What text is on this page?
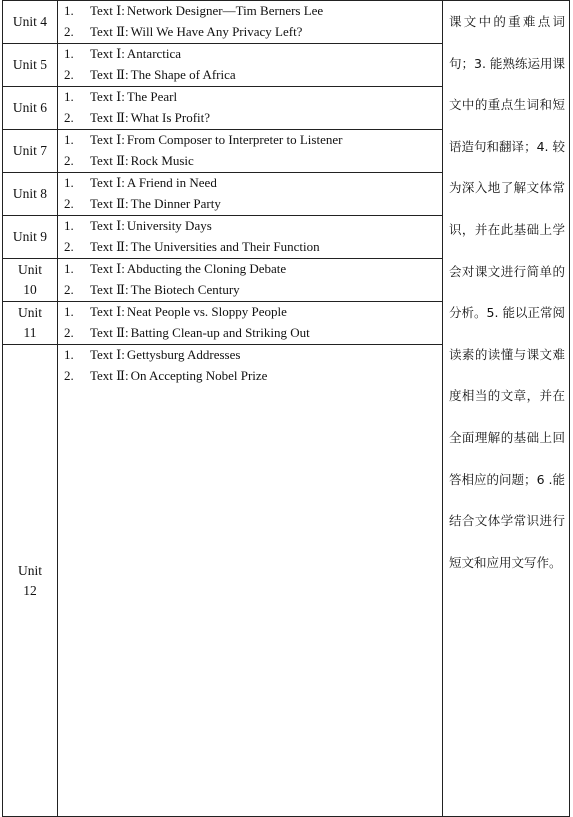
Unit 4	1. Text Ⅰ: Network Designer—Tim Berners Lee
2. Text Ⅱ: Will We Have Any Privacy Left?	课文中的重难点词句；3. 能熟练运用课文中的重点生词和短语造句和翻译；4. 较为深入地了解文体常识，并在此基础上学会对课文进行简单的分析。5. 能以正常阅读素的读懂与课文难度相当的文章，并在全面理解的基础上回答相应的问题；6 .能结合文体学常识进行短文和应用文写作。
Unit 5	1. Text Ⅰ: Antarctica
2. Text Ⅱ: The Shape of Africa	

Unit 6	1. Text Ⅰ: The Pearl
2. Text Ⅱ: What Is Profit?	

Unit 7	1. Text Ⅰ: From Composer to Interpreter to Listener
2. Text Ⅱ: Rock Music	

Unit 8	1. Text Ⅰ: A Friend in Need
2. Text Ⅱ: The Dinner Party	

Unit 9	1. Text Ⅰ: University Days
2. Text Ⅱ: The Universities and Their Function	

Unit 10	1. Text Ⅰ: Abducting the Cloning Debate
2. Text Ⅱ: The Biotech Century	

Unit 11	1. Text Ⅰ: Neat People vs. Sloppy People
2. Text Ⅱ: Batting Clean-up and Striking Out	

Unit 12	1. Text Ⅰ: Gettysburg Addresses
2. Text Ⅱ: On Accepting Nobel Prize	
